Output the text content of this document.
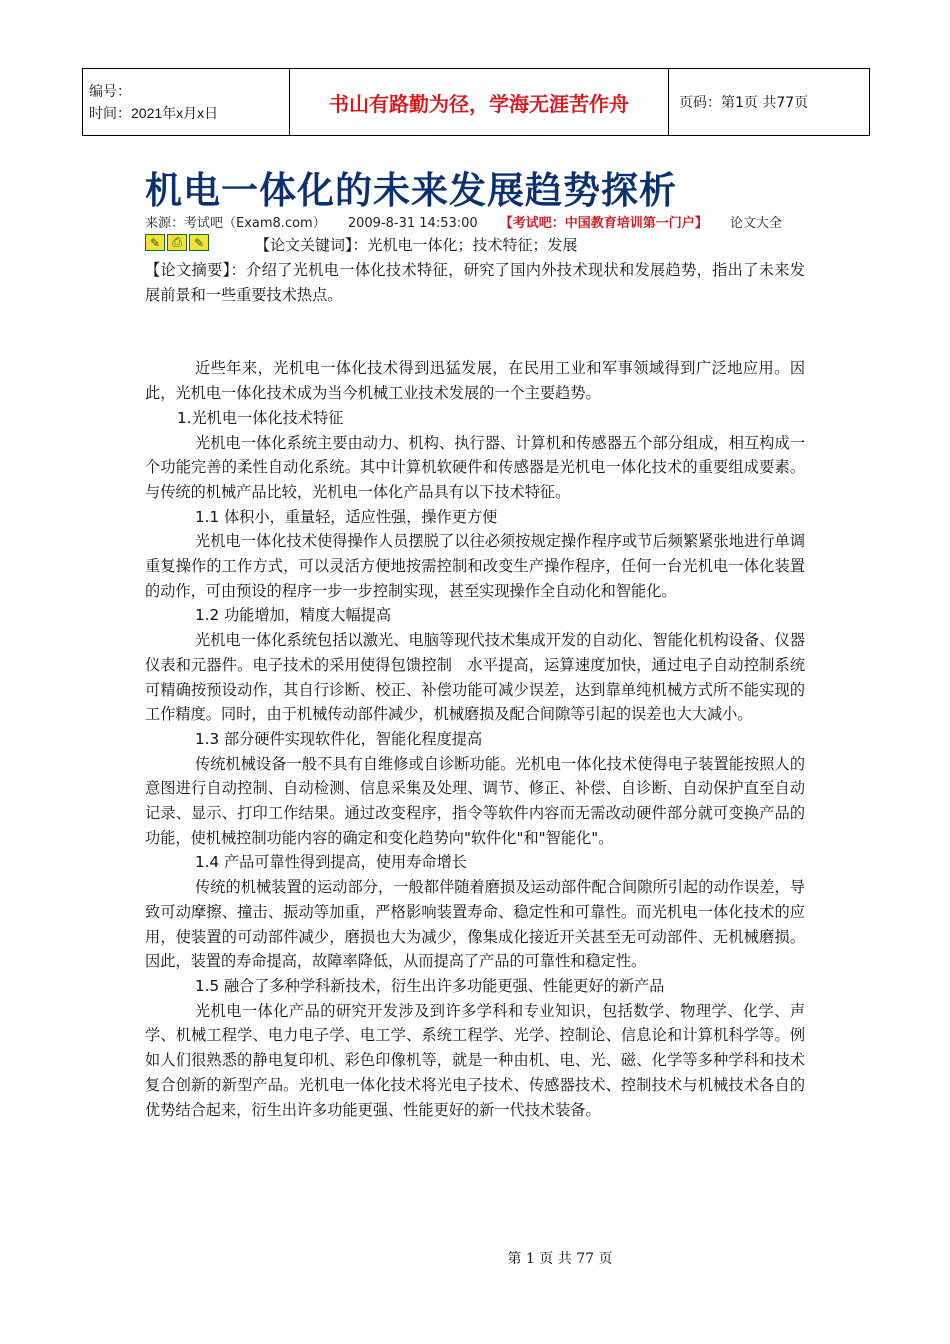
编号：
时间：2021年x月x日	书山有路勤为径，学海无涯苦作舟	页码：第1页 共77页
机电一体化的未来发展趋势探析
来源：考试吧（Exam8.com） 2009-8-31 14:53:00 【考试吧：中国教育培训第一门户】 论文大全
✎	⎙	✎	【论文关键词】：光机电一体化；技术特征；发展

【论文摘要】：介绍了光机电一体化技术特征，研究了国内外技术现状和发展趋势，指出了未来发展前景和一些重要技术热点。

近些年来，光机电一体化技术得到迅猛发展，在民用工业和军事领域得到广泛地应用。因此，光机电一体化技术成为当今机械工业技术发展的一个主要趋势。

1.光机电一体化技术特征

光机电一体化系统主要由动力、机构、执行器、计算机和传感器五个部分组成，相互构成一个功能完善的柔性自动化系统。其中计算机软硬件和传感器是光机电一体化技术的重要组成要素。与传统的机械产品比较，光机电一体化产品具有以下技术特征。

1.1 体积小，重量轻，适应性强，操作更方便

光机电一体化技术使得操作人员摆脱了以往必须按规定操作程序或节后频繁紧张地进行单调重复操作的工作方式，可以灵活方便地按需控制和改变生产操作程序，任何一台光机电一体化装置的动作，可由预设的程序一步一步控制实现，甚至实现操作全自动化和智能化。

1.2 功能增加，精度大幅提高

光机电一体化系统包括以激光、电脑等现代技术集成开发的自动化、智能化机构设备、仪器仪表和元器件。电子技术的采用使得包馈控制　水平提高，运算速度加快，通过电子自动控制系统可精确按预设动作，其自行诊断、校正、补偿功能可减少误差，达到靠单纯机械方式所不能实现的工作精度。同时，由于机械传动部件减少，机械磨损及配合间隙等引起的误差也大大减小。

1.3 部分硬件实现软件化，智能化程度提高

传统机械设备一般不具有自维修或自诊断功能。光机电一体化技术使得电子装置能按照人的意图进行自动控制、自动检测、信息采集及处理、调节、修正、补偿、自诊断、自动保护直至自动记录、显示、打印工作结果。通过改变程序，指令等软件内容而无需改动硬件部分就可变换产品的功能，使机械控制功能内容的确定和变化趋势向"软件化"和"智能化"。

1.4 产品可靠性得到提高，使用寿命增长

传统的机械装置的运动部分，一般都伴随着磨损及运动部件配合间隙所引起的动作误差，导致可动摩擦、撞击、振动等加重，严格影响装置寿命、稳定性和可靠性。而光机电一体化技术的应用，使装置的可动部件减少，磨损也大为减少，像集成化接近开关甚至无可动部件、无机械磨损。因此，装置的寿命提高，故障率降低，从而提高了产品的可靠性和稳定性。

1.5 融合了多种学科新技术，衍生出许多功能更强、性能更好的新产品

光机电一体化产品的研究开发涉及到许多学科和专业知识，包括数学、物理学、化学、声学、机械工程学、电力电子学、电工学、系统工程学、光学、控制论、信息论和计算机科学等。例如人们很熟悉的静电复印机、彩色印像机等，就是一种由机、电、光、磁、化学等多种学科和技术复合创新的新型产品。光机电一体化技术将光电子技术、传感器技术、控制技术与机械技术各自的优势结合起来，衍生出许多功能更强、性能更好的新一代技术装备。

第 1 页 共 77 页
